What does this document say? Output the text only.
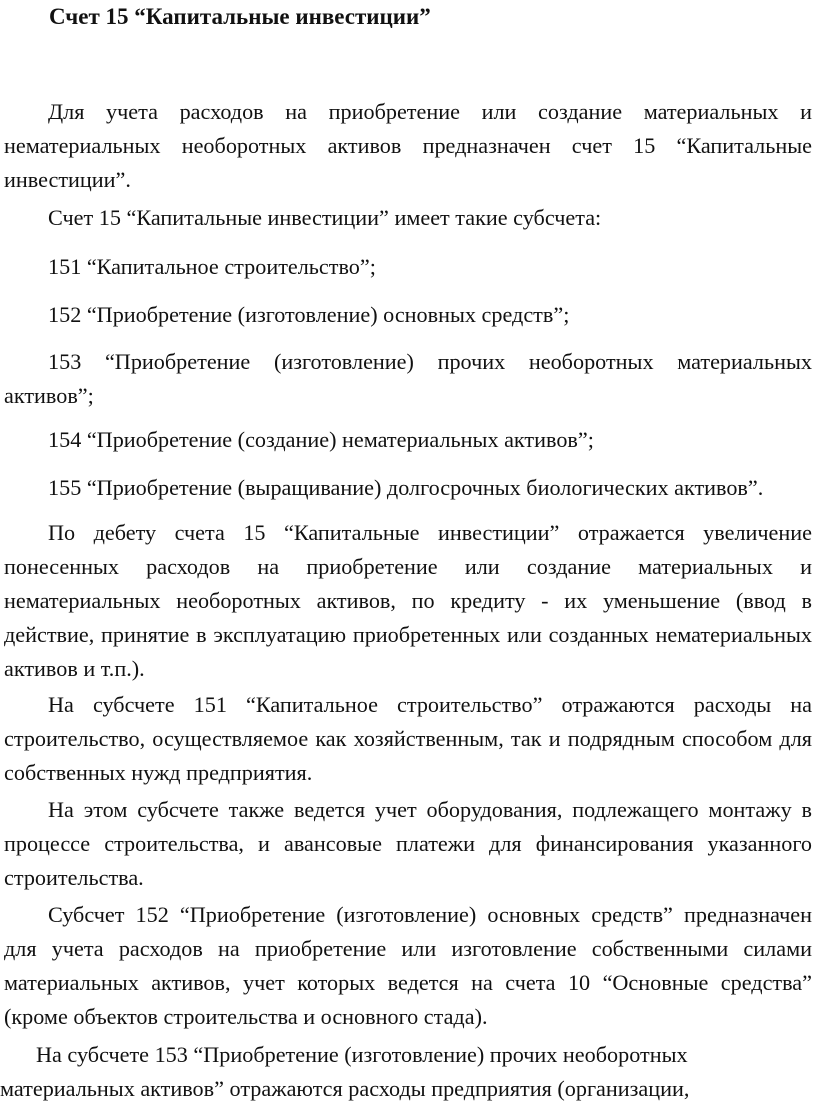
Счет 15 “Капитальные инвестиции”

Для учета расходов на приобретение или создание материальных и нематериальных необоротных активов предназначен счет 15 “Капитальные инвестиции”.

Счет 15 “Капитальные инвестиции” имеет такие субсчета:

151 “Капитальное строительство”;

152 “Приобретение (изготовление) основных средств”;

153 “Приобретение (изготовление) прочих необоротных материальных активов”;

154 “Приобретение (создание) нематериальных активов”;

155 “Приобретение (выращивание) долгосрочных биологических активов”.

По дебету счета 15 “Капитальные инвестиции” отражается увеличение понесенных расходов на приобретение или создание материальных и нематериальных необоротных активов, по кредиту - их уменьшение (ввод в действие, принятие в эксплуатацию приобретенных или созданных нематериальных активов и т.п.).

На субсчете 151 “Капитальное строительство” отражаются расходы на строительство, осуществляемое как хозяйственным, так и подрядным способом для собственных нужд предприятия.

На этом субсчете также ведется учет оборудования, подлежащего монтажу в процессе строительства, и авансовые платежи для финансирования указанного строительства.

Субсчет 152 “Приобретение (изготовление) основных средств” предназначен для учета расходов на приобретение или изготовление собственными силами материальных активов, учет которых ведется на счета 10 “Основные средства” (кроме объектов строительства и основного стада).

На субсчете 153 “Приобретение (изготовление) прочих необоротных материальных активов” отражаются расходы предприятия (организации,
